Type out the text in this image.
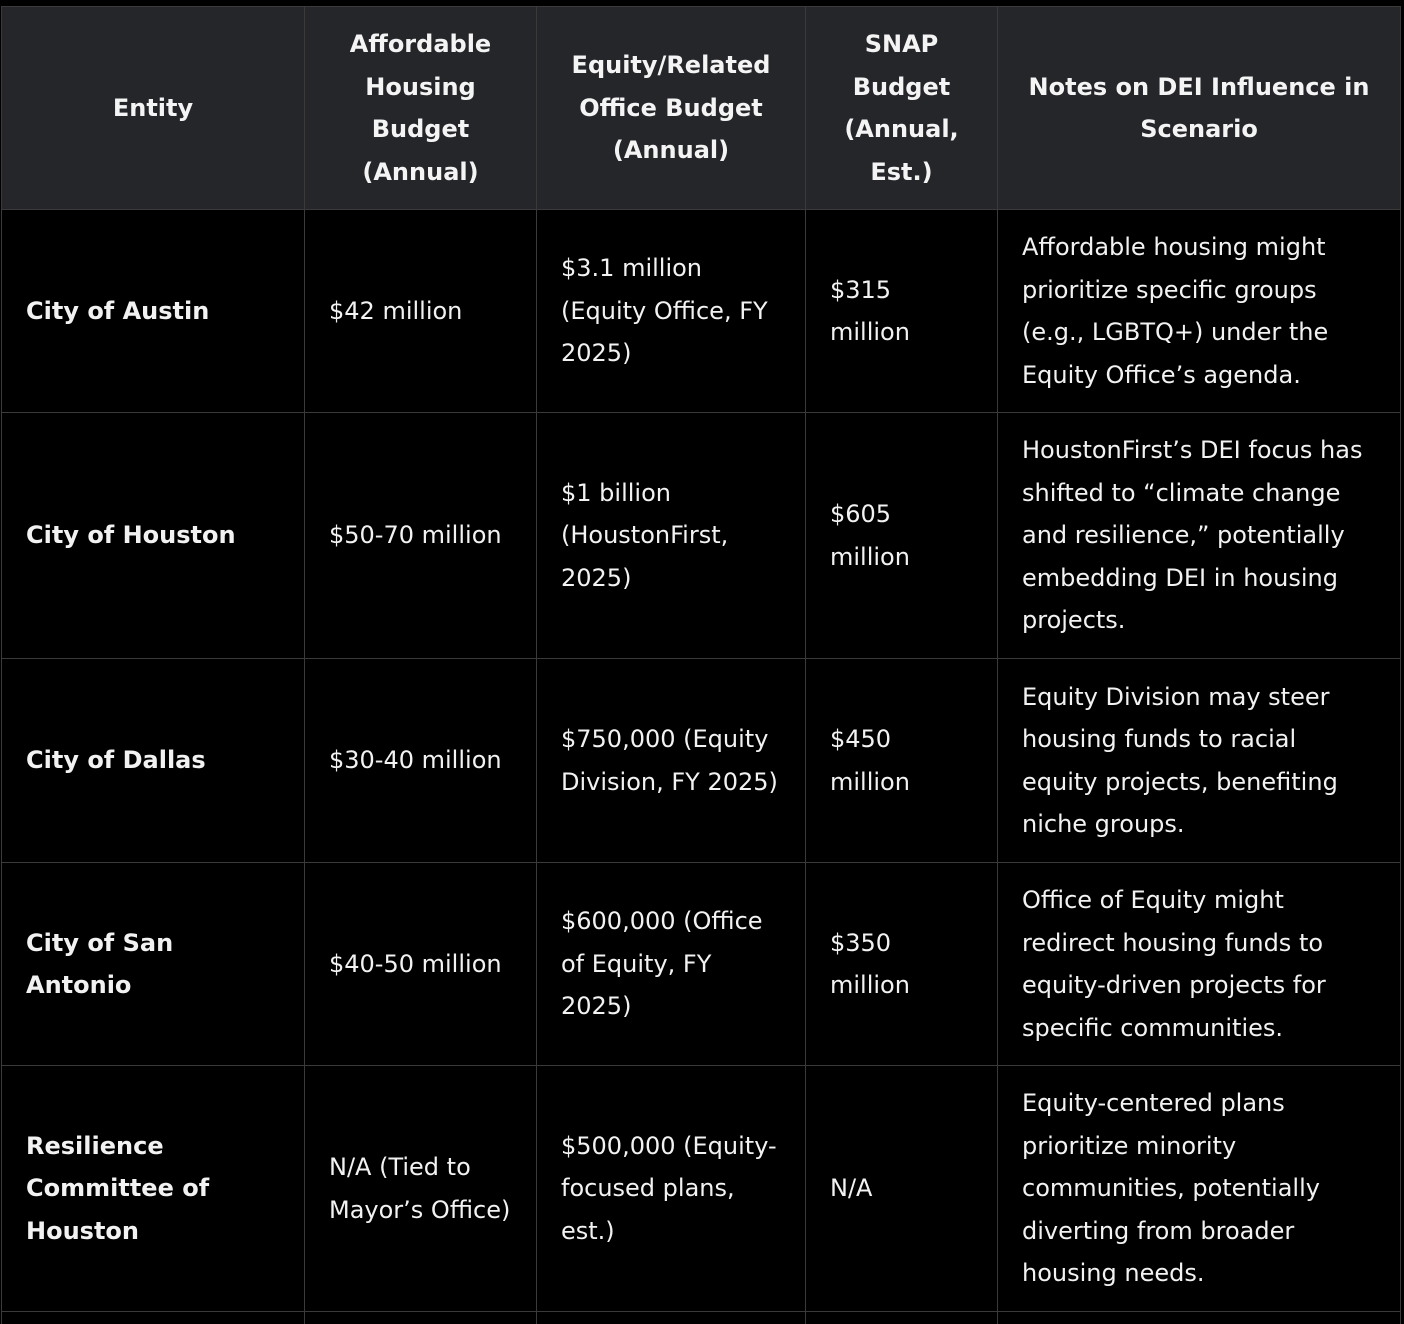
Entity	Affordable Housing Budget (Annual)	Equity/Related Office Budget (Annual)	SNAP Budget (Annual, Est.)	Notes on DEI Influence in Scenario

City of Austin	$42 million	$3.1 million (Equity Office, FY 2025)	$315 million	Affordable housing might prioritize specific groups (e.g., LGBTQ+) under the Equity Office’s agenda.

City of Houston	$50-70 million	$1 billion (HoustonFirst, 2025)	$605 million	HoustonFirst’s DEI focus has shifted to “climate change and resilience,” potentially embedding DEI in housing projects.

City of Dallas	$30-40 million	$750,000 (Equity Division, FY 2025)	$450 million	Equity Division may steer housing funds to racial equity projects, benefiting niche groups.

City of San Antonio	$40-50 million	$600,000 (Office of Equity, FY 2025)	$350 million	Office of Equity might redirect housing funds to equity-driven projects for specific communities.

Resilience Committee of Houston	N/A (Tied to Mayor’s Office)	$500,000 (Equity-focused plans, est.)	N/A	Equity-centered plans prioritize minority communities, potentially diverting from broader housing needs.
